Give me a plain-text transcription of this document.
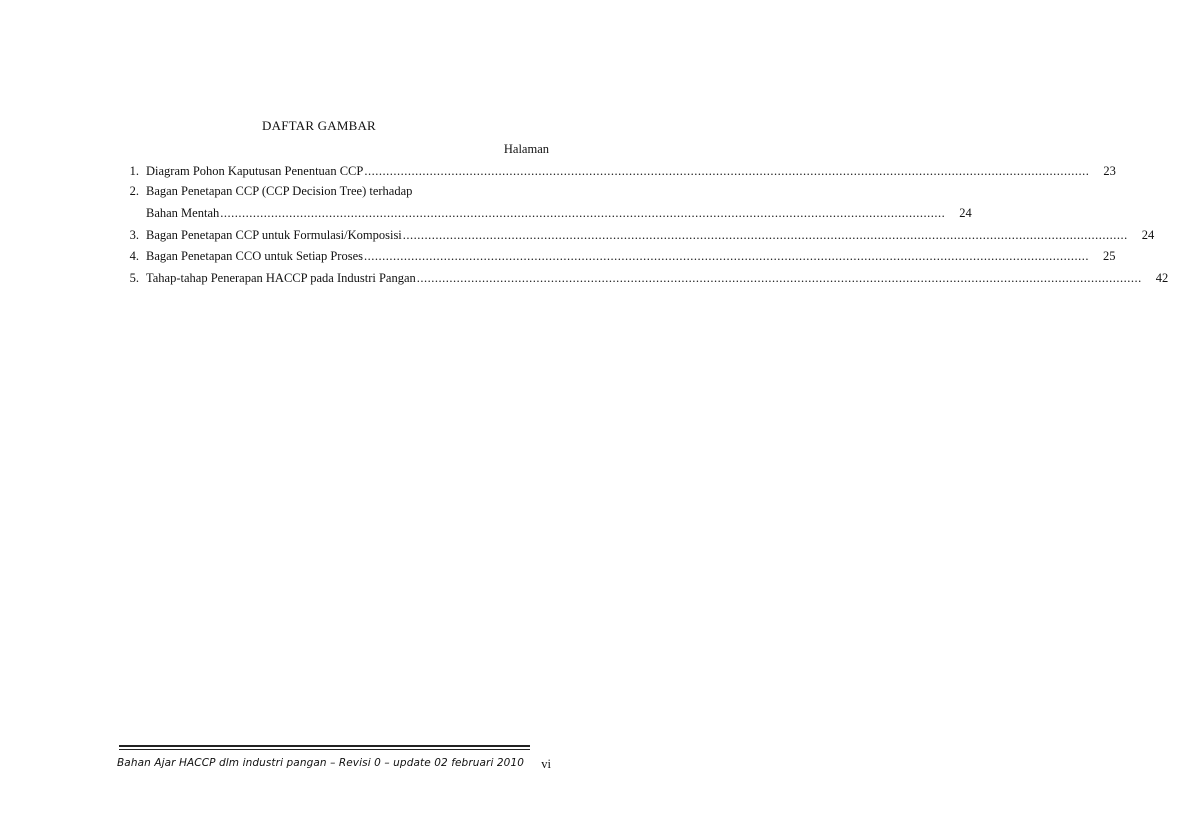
DAFTAR GAMBAR
Halaman
1. Diagram Pohon Kaputusan Penentuan CCP ........................................................................................................................................................................................................ 23
2. Bagan Penetapan CCP (CCP Decision Tree) terhadap
Bahan Mentah ........................................................................................................................................................................................................ 24
3. Bagan Penetapan CCP untuk Formulasi/Komposisi ........................................................................................................................................................................................................ 24
4. Bagan Penetapan CCO untuk Setiap Proses ........................................................................................................................................................................................................ 25
5. Tahap-tahap Penerapan HACCP pada Industri Pangan ........................................................................................................................................................................................................ 42
Bahan Ajar HACCP dlm industri pangan – Revisi 0 – update 02 februari 2010 vi
